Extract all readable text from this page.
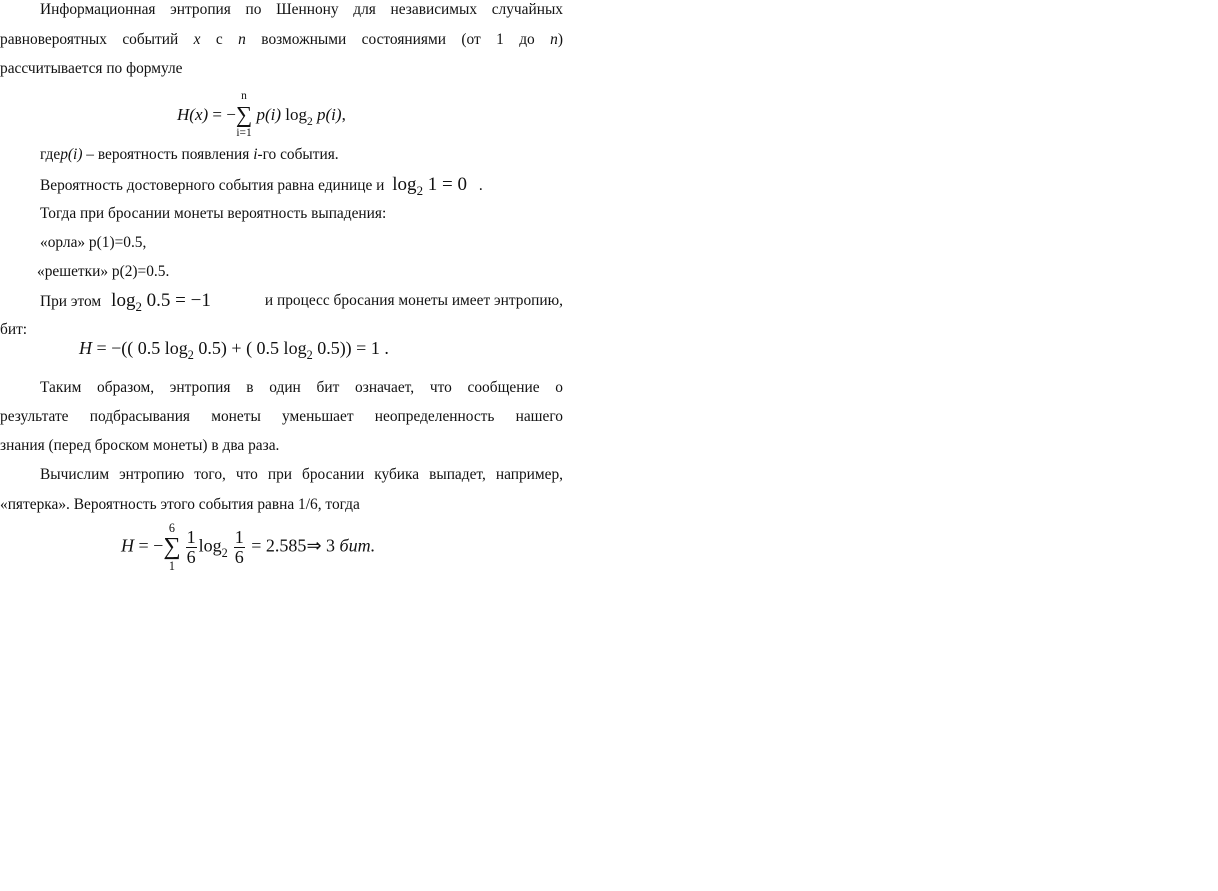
Информационная энтропия по Шеннону для независимых случайных
равновероятных событий x с n возможными состояниями (от 1 до n)
рассчитывается по формуле
H(x) = −
n
∑
i=1
p(i) $\log_2 p(i)$,
гдеp(i) – вероятность появления i-го события.
Вероятность достоверного события равна единице и $\log_2 1 = 0$ .
Тогда при бросании монеты вероятность выпадения:
«орла» p(1)=0.5,
«решетки» p(2)=0.5.
При этом $\log_2 0.5 = -1$	и процесс бросания монеты имеет энтропию,
бит:
H = −(( 0.5 $\log_2 0.5$) + ( 0.5 $\log_2 0.5)) = 1$ .
Таким образом, энтропия в один бит означает, что сообщение о
результате подбрасывания монеты уменьшает неопределенность нашего
знания (перед броском монеты) в два раза.
Вычислим энтропию того, что при бросании кубика выпадет, например,
«пятерка». Вероятность этого события равна 1/6, тогда
H = −
6
∑
$1 \frac{1}{6} \log_2 \frac{1}{6}$ = 2.585⇒ 3 бит.
